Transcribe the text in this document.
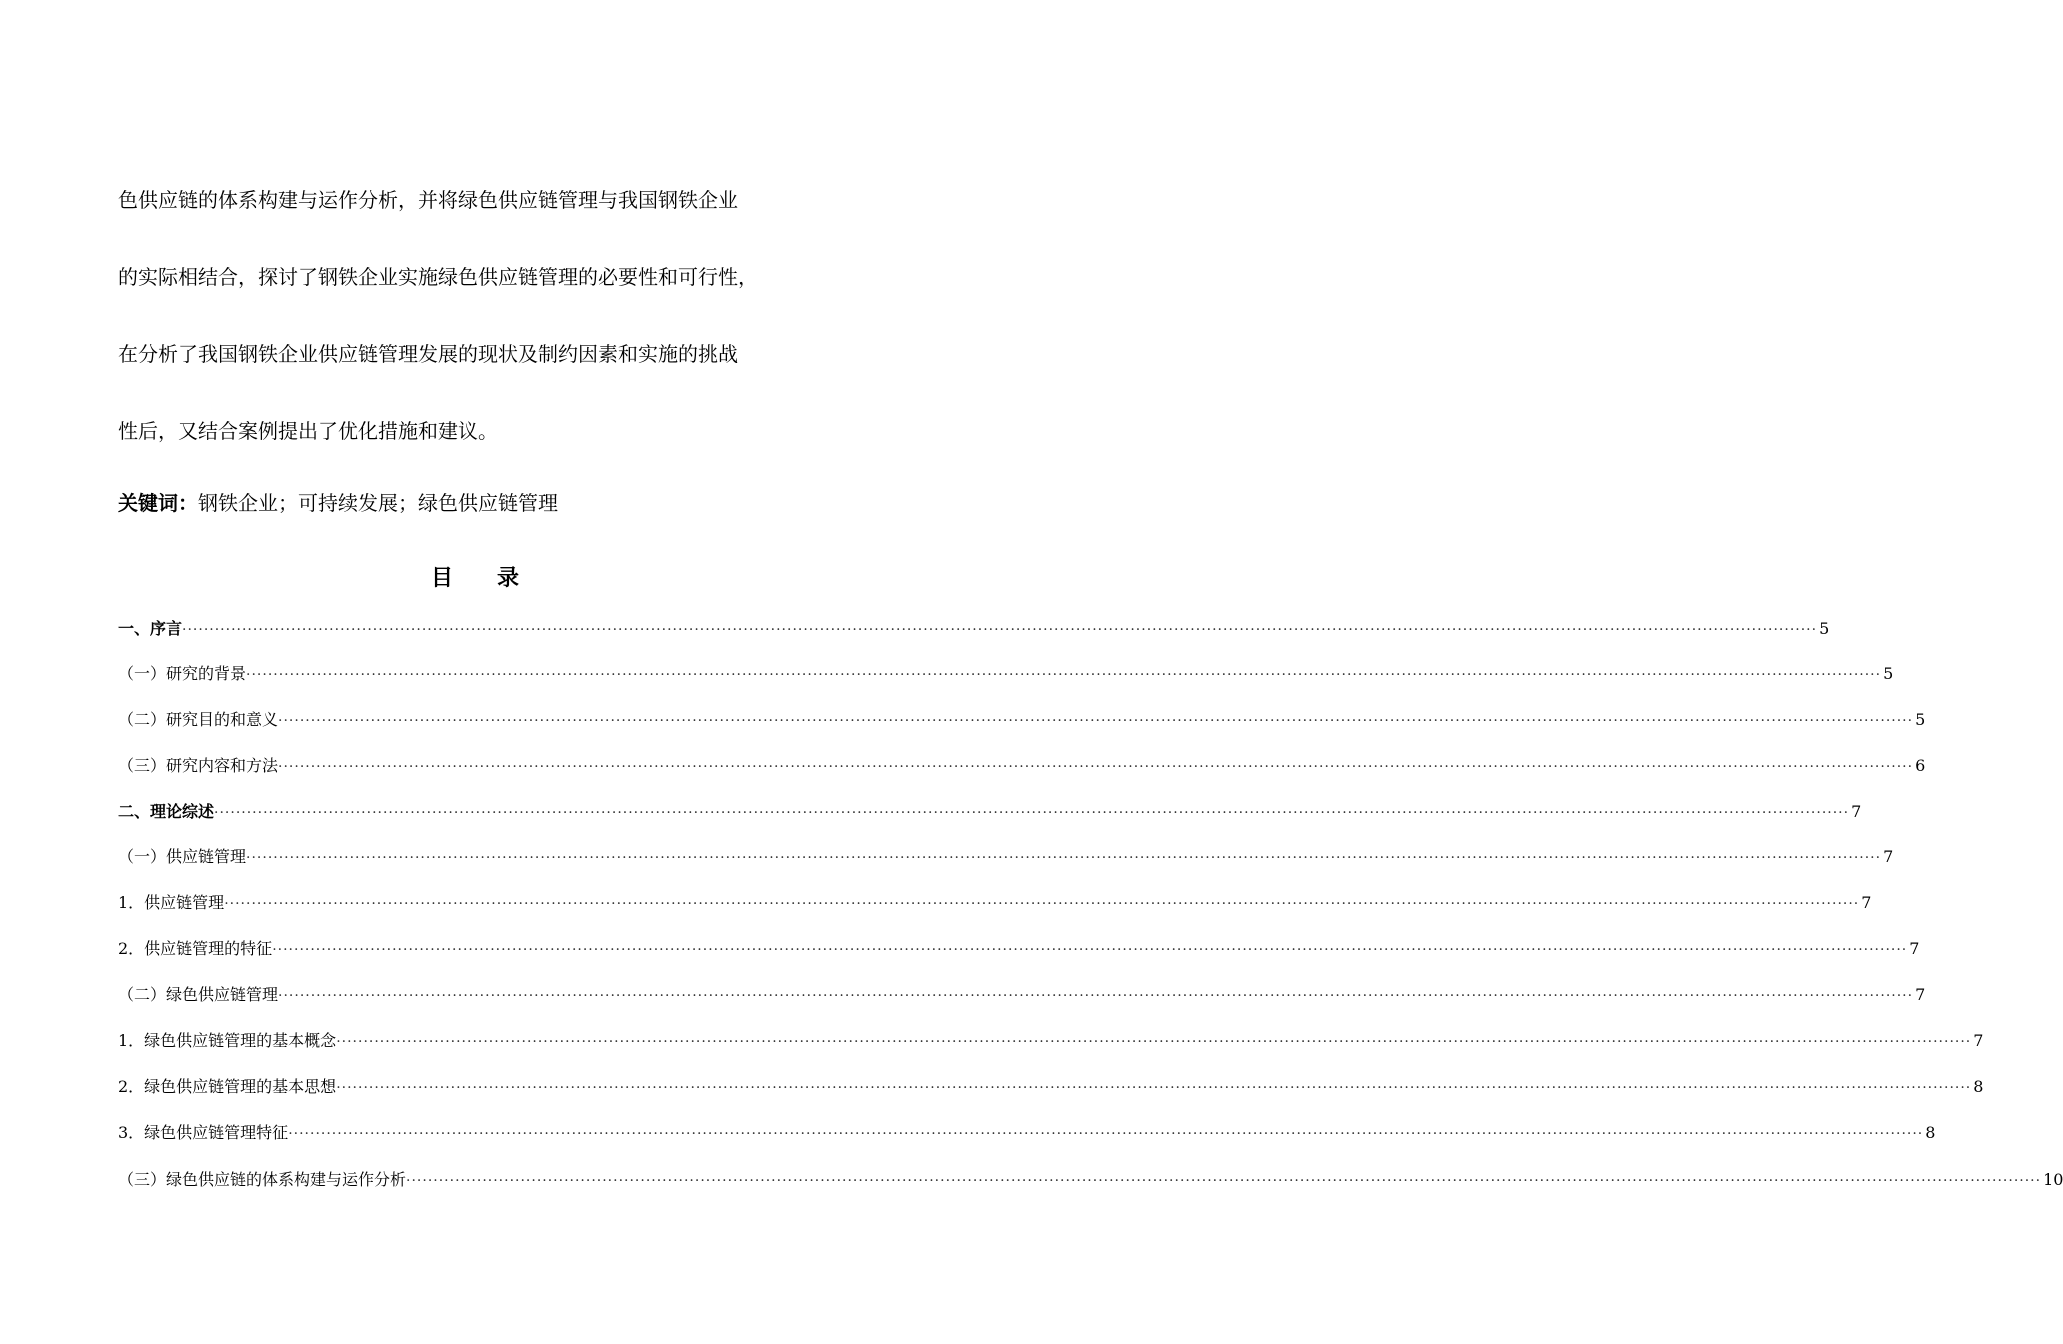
色供应链的体系构建与运作分析，并将绿色供应链管理与我国钢铁企业
的实际相结合，探讨了钢铁企业实施绿色供应链管理的必要性和可行性，
在分析了我国钢铁企业供应链管理发展的现状及制约因素和实施的挑战
性后，又结合案例提出了优化措施和建议。
关键词：钢铁企业；可持续发展；绿色供应链管理
目录
一、序言 ············································································································································································································································································································ 5
（一）研究的背景 ············································································································································································································································································································ 5
（二）研究目的和意义 ············································································································································································································································································································ 5
（三）研究内容和方法 ············································································································································································································································································································ 6
二、理论综述 ············································································································································································································································································································ 7
（一）供应链管理 ············································································································································································································································································································ 7
1．供应链管理 ············································································································································································································································································································ 7
2．供应链管理的特征 ············································································································································································································································································································ 7
（二）绿色供应链管理 ············································································································································································································································································································ 7
1．绿色供应链管理的基本概念 ············································································································································································································································································································ 7
2．绿色供应链管理的基本思想 ············································································································································································································································································································ 8
3．绿色供应链管理特征 ············································································································································································································································································································ 8
（三）绿色供应链的体系构建与运作分析 ············································································································································································································································································································ 10
